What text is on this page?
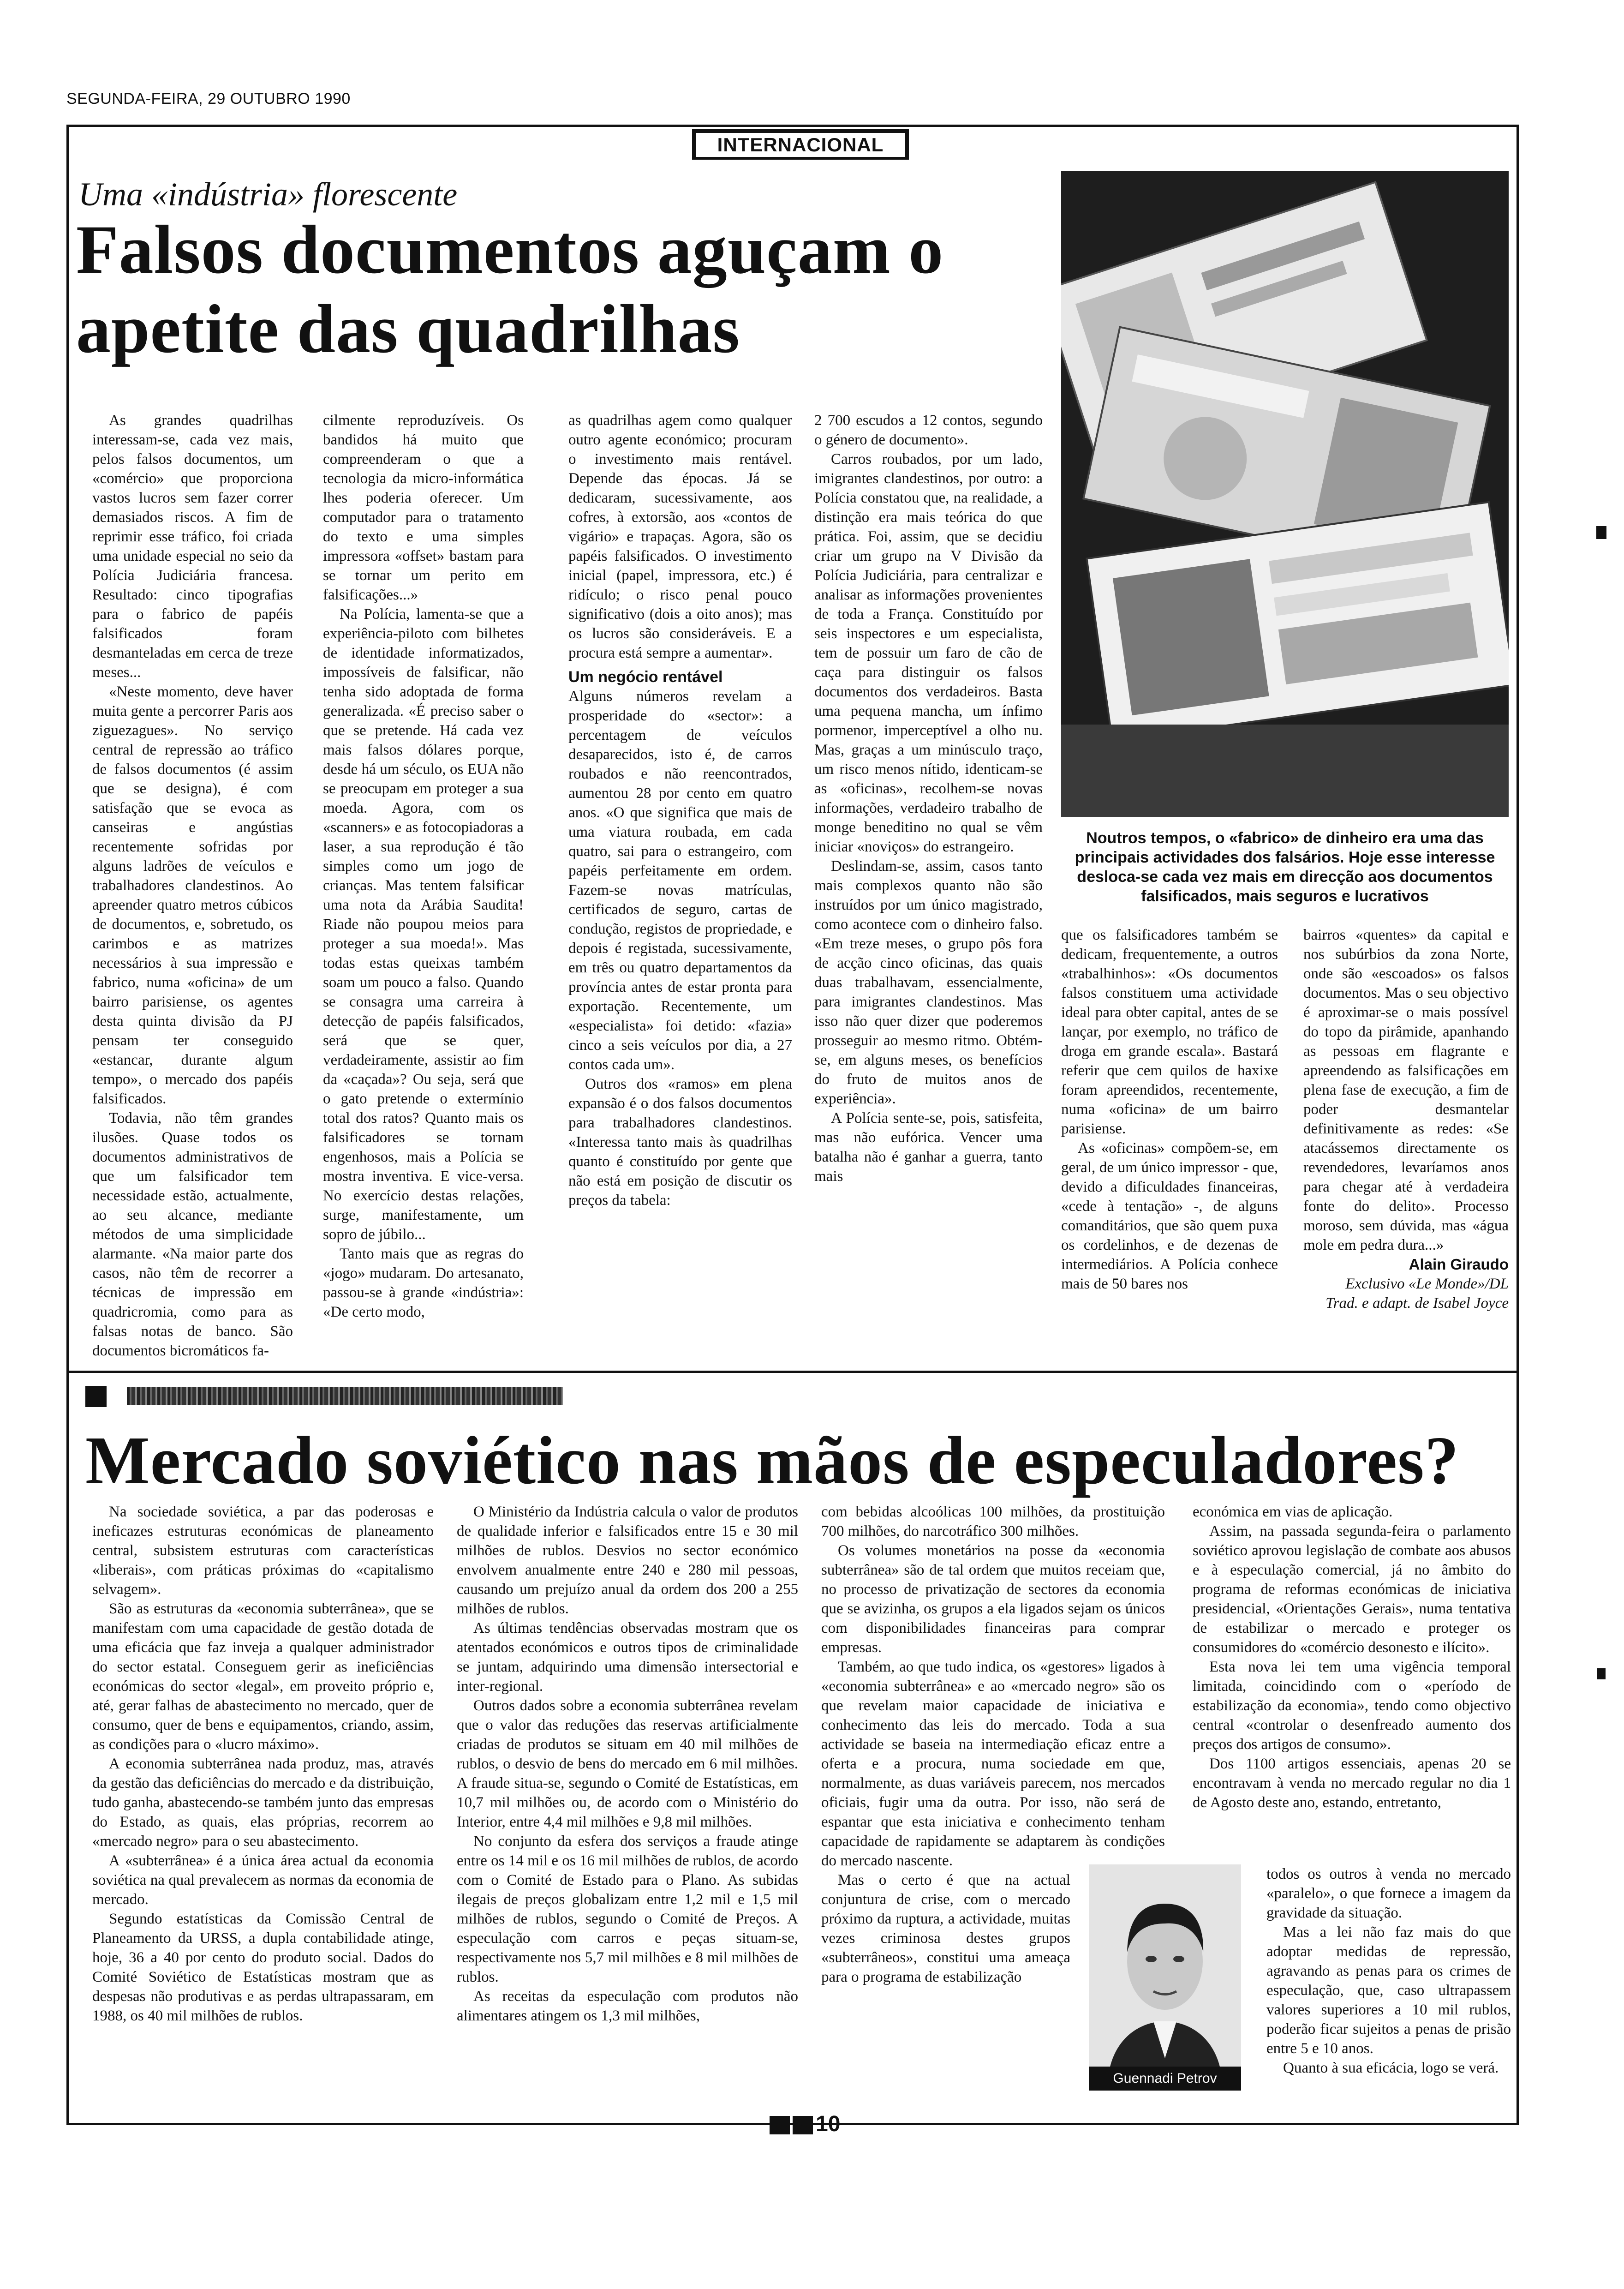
SEGUNDA-FEIRA, 29 OUTUBRO 1990
INTERNACIONAL
Uma «indústria» florescente
Falsos documentos aguçam o apetite das quadrilhas
Noutros tempos, o «fabrico» de dinheiro era uma das principais actividades dos falsários. Hoje esse interesse desloca-se cada vez mais em direcção aos documentos falsificados, mais seguros e lucrativos

As grandes quadrilhas interessam-se, cada vez mais, pelos falsos documentos, um «comércio» que proporciona vastos lucros sem fazer correr demasiados riscos. A fim de reprimir esse tráfico, foi criada uma unidade especial no seio da Polícia Judiciária francesa. Resultado: cinco tipografias para o fabrico de papéis falsificados foram desmanteladas em cerca de treze meses...

«Neste momento, deve haver muita gente a percorrer Paris aos ziguezagues». No serviço central de repressão ao tráfico de falsos documentos (é assim que se designa), é com satisfação que se evoca as canseiras e angústias recentemente sofridas por alguns ladrões de veículos e trabalhadores clandestinos. Ao apreender quatro metros cúbicos de documentos, e, sobretudo, os carimbos e as matrizes necessários à sua impressão e fabrico, numa «oficina» de um bairro parisiense, os agentes desta quinta divisão da PJ pensam ter conseguido «estancar, durante algum tempo», o mercado dos papéis falsificados.

Todavia, não têm grandes ilusões. Quase todos os documentos administrativos de que um falsificador tem necessidade estão, actualmente, ao seu alcance, mediante métodos de uma simplicidade alarmante. «Na maior parte dos casos, não têm de recorrer a técnicas de impressão em quadricromia, como para as falsas notas de banco. São documentos bicromáticos fa-

cilmente reproduzíveis. Os bandidos há muito que compreenderam o que a tecnologia da micro-informática lhes poderia oferecer. Um computador para o tratamento do texto e uma simples impressora «offset» bastam para se tornar um perito em falsificações...»

Na Polícia, lamenta-se que a experiência-piloto com bilhetes de identidade informatizados, impossíveis de falsificar, não tenha sido adoptada de forma generalizada. «É preciso saber o que se pretende. Há cada vez mais falsos dólares porque, desde há um século, os EUA não se preocupam em proteger a sua moeda. Agora, com os «scanners» e as fotocopiadoras a laser, a sua reprodução é tão simples como um jogo de crianças. Mas tentem falsificar uma nota da Arábia Saudita! Riade não poupou meios para proteger a sua moeda!». Mas todas estas queixas também soam um pouco a falso. Quando se consagra uma carreira à detecção de papéis falsificados, será que se quer, verdadeiramente, assistir ao fim da «caçada»? Ou seja, será que o gato pretende o extermínio total dos ratos? Quanto mais os falsificadores se tornam engenhosos, mais a Polícia se mostra inventiva. E vice-versa. No exercício destas relações, surge, manifestamente, um sopro de júbilo...

Tanto mais que as regras do «jogo» mudaram. Do artesanato, passou-se à grande «indústria»: «De certo modo,

as quadrilhas agem como qualquer outro agente económico; procuram o investimento mais rentável. Depende das épocas. Já se dedicaram, sucessivamente, aos cofres, à extorsão, aos «contos de vigário» e trapaças. Agora, são os papéis falsificados. O investimento inicial (papel, impressora, etc.) é ridículo; o risco penal pouco significativo (dois a oito anos); mas os lucros são consideráveis. E a procura está sempre a aumentar».

Um negócio rentável

Alguns números revelam a prosperidade do «sector»: a percentagem de veículos desaparecidos, isto é, de carros roubados e não reencontrados, aumentou 28 por cento em quatro anos. «O que significa que mais de uma viatura roubada, em cada quatro, sai para o estrangeiro, com papéis perfeitamente em ordem. Fazem-se novas matrículas, certificados de seguro, cartas de condução, registos de propriedade, e depois é registada, sucessivamente, em três ou quatro departamentos da província antes de estar pronta para exportação. Recentemente, um «especialista» foi detido: «fazia» cinco a seis veículos por dia, a 27 contos cada um».

Outros dos «ramos» em plena expansão é o dos falsos documentos para trabalhadores clandestinos. «Interessa tanto mais às quadrilhas quanto é constituído por gente que não está em posição de discutir os preços da tabela:

2 700 escudos a 12 contos, segundo o género de documento».

Carros roubados, por um lado, imigrantes clandestinos, por outro: a Polícia constatou que, na realidade, a distinção era mais teórica do que prática. Foi, assim, que se decidiu criar um grupo na V Divisão da Polícia Judiciária, para centralizar e analisar as informações provenientes de toda a França. Constituído por seis inspectores e um especialista, tem de possuir um faro de cão de caça para distinguir os falsos documentos dos verdadeiros. Basta uma pequena mancha, um ínfimo pormenor, imperceptível a olho nu. Mas, graças a um minúsculo traço, um risco menos nítido, identicam-se as «oficinas», recolhem-se novas informações, verdadeiro trabalho de monge beneditino no qual se vêm iniciar «noviços» do estrangeiro.

Deslindam-se, assim, casos tanto mais complexos quanto não são instruídos por um único magistrado, como acontece com o dinheiro falso. «Em treze meses, o grupo pôs fora de acção cinco oficinas, das quais duas trabalhavam, essencialmente, para imigrantes clandestinos. Mas isso não quer dizer que poderemos prosseguir ao mesmo ritmo. Obtém-se, em alguns meses, os benefícios do fruto de muitos anos de experiência».

A Polícia sente-se, pois, satisfeita, mas não eufórica. Vencer uma batalha não é ganhar a guerra, tanto mais

que os falsificadores também se dedicam, frequentemente, a outros «trabalhinhos»: «Os documentos falsos constituem uma actividade ideal para obter capital, antes de se lançar, por exemplo, no tráfico de droga em grande escala». Bastará referir que cem quilos de haxixe foram apreendidos, recentemente, numa «oficina» de um bairro parisiense.

As «oficinas» compõem-se, em geral, de um único impressor - que, devido a dificuldades financeiras, «cede à tentação» -, de alguns comanditários, que são quem puxa os cordelinhos, e de dezenas de intermediários. A Polícia conhece mais de 50 bares nos

bairros «quentes» da capital e nos subúrbios da zona Norte, onde são «escoados» os falsos documentos. Mas o seu objectivo é aproximar-se o mais possível do topo da pirâmide, apanhando as pessoas em flagrante e apreendendo as falsificações em plena fase de execução, a fim de poder desmantelar definitivamente as redes: «Se atacássemos directamente os revendedores, levaríamos anos para chegar até à verdadeira fonte do delito». Processo moroso, sem dúvida, mas «água mole em pedra dura...»

Alain Giraudo
Exclusivo «Le Monde»/DL
Trad. e adapt. de Isabel Joyce
Mercado soviético nas mãos de especuladores?

Na sociedade soviética, a par das poderosas e ineficazes estruturas económicas de planeamento central, subsistem estruturas com características «liberais», com práticas próximas do «capitalismo selvagem».

São as estruturas da «economia subterrânea», que se manifestam com uma capacidade de gestão dotada de uma eficácia que faz inveja a qualquer administrador do sector estatal. Conseguem gerir as ineficiências económicas do sector «legal», em proveito próprio e, até, gerar falhas de abastecimento no mercado, quer de consumo, quer de bens e equipamentos, criando, assim, as condições para o «lucro máximo».

A economia subterrânea nada produz, mas, através da gestão das deficiências do mercado e da distribuição, tudo ganha, abastecendo-se também junto das empresas do Estado, as quais, elas próprias, recorrem ao «mercado negro» para o seu abastecimento.

A «subterrânea» é a única área actual da economia soviética na qual prevalecem as normas da economia de mercado.

Segundo estatísticas da Comissão Central de Planeamento da URSS, a dupla contabilidade atinge, hoje, 36 a 40 por cento do produto social. Dados do Comité Soviético de Estatísticas mostram que as despesas não produtivas e as perdas ultrapassaram, em 1988, os 40 mil milhões de rublos.

O Ministério da Indústria calcula o valor de produtos de qualidade inferior e falsificados entre 15 e 30 mil milhões de rublos. Desvios no sector económico envolvem anualmente entre 240 e 280 mil pessoas, causando um prejuízo anual da ordem dos 200 a 255 milhões de rublos.

As últimas tendências observadas mostram que os atentados económicos e outros tipos de criminalidade se juntam, adquirindo uma dimensão intersectorial e inter-regional.

Outros dados sobre a economia subterrânea revelam que o valor das reduções das reservas artificialmente criadas de produtos se situam em 40 mil milhões de rublos, o desvio de bens do mercado em 6 mil milhões. A fraude situa-se, segundo o Comité de Estatísticas, em 10,7 mil milhões ou, de acordo com o Ministério do Interior, entre 4,4 mil milhões e 9,8 mil milhões.

No conjunto da esfera dos serviços a fraude atinge entre os 14 mil e os 16 mil milhões de rublos, de acordo com o Comité de Estado para o Plano. As subidas ilegais de preços globalizam entre 1,2 mil e 1,5 mil milhões de rublos, segundo o Comité de Preços. A especulação com carros e peças situam-se, respectivamente nos 5,7 mil milhões e 8 mil milhões de rublos.

As receitas da especulação com produtos não alimentares atingem os 1,3 mil milhões,

com bebidas alcoólicas 100 milhões, da prostituição 700 milhões, do narcotráfico 300 milhões.

Os volumes monetários na posse da «economia subterrânea» são de tal ordem que muitos receiam que, no processo de privatização de sectores da economia que se avizinha, os grupos a ela ligados sejam os únicos com disponibilidades financeiras para comprar empresas.

Também, ao que tudo indica, os «gestores» ligados à «economia subterrânea» e ao «mercado negro» são os que revelam maior capacidade de iniciativa e conhecimento das leis do mercado. Toda a sua actividade se baseia na intermediação eficaz entre a oferta e a procura, numa sociedade em que, normalmente, as duas variáveis parecem, nos mercados oficiais, fugir uma da outra. Por isso, não será de espantar que esta iniciativa e conhecimento tenham capacidade de rapidamente se adaptarem às condições do mercado nascente.

Mas o certo é que na actual conjuntura de crise, com o mercado próximo da ruptura, a actividade, muitas vezes criminosa destes grupos «subterrâneos», constitui uma ameaça para o programa de estabilização

económica em vias de aplicação.

Assim, na passada segunda-feira o parlamento soviético aprovou legislação de combate aos abusos e à especulação comercial, já no âmbito do programa de reformas económicas de iniciativa presidencial, «Orientações Gerais», numa tentativa de estabilizar o mercado e proteger os consumidores do «comércio desonesto e ilícito».

Esta nova lei tem uma vigência temporal limitada, coincidindo com o «período de estabilização da economia», tendo como objectivo central «controlar o desenfreado aumento dos preços dos artigos de consumo».

Dos 1100 artigos essenciais, apenas 20 se encontravam à venda no mercado regular no dia 1 de Agosto deste ano, estando, entretanto,

todos os outros à venda no mercado «paralelo», o que fornece a imagem da gravidade da situação.

Mas a lei não faz mais do que adoptar medidas de repressão, agravando as penas para os crimes de especulação, que, caso ultrapassem valores superiores a 10 mil rublos, poderão ficar sujeitos a penas de prisão entre 5 e 10 anos.

Quanto à sua eficácia, logo se verá.

Guennadi Petrov
10
